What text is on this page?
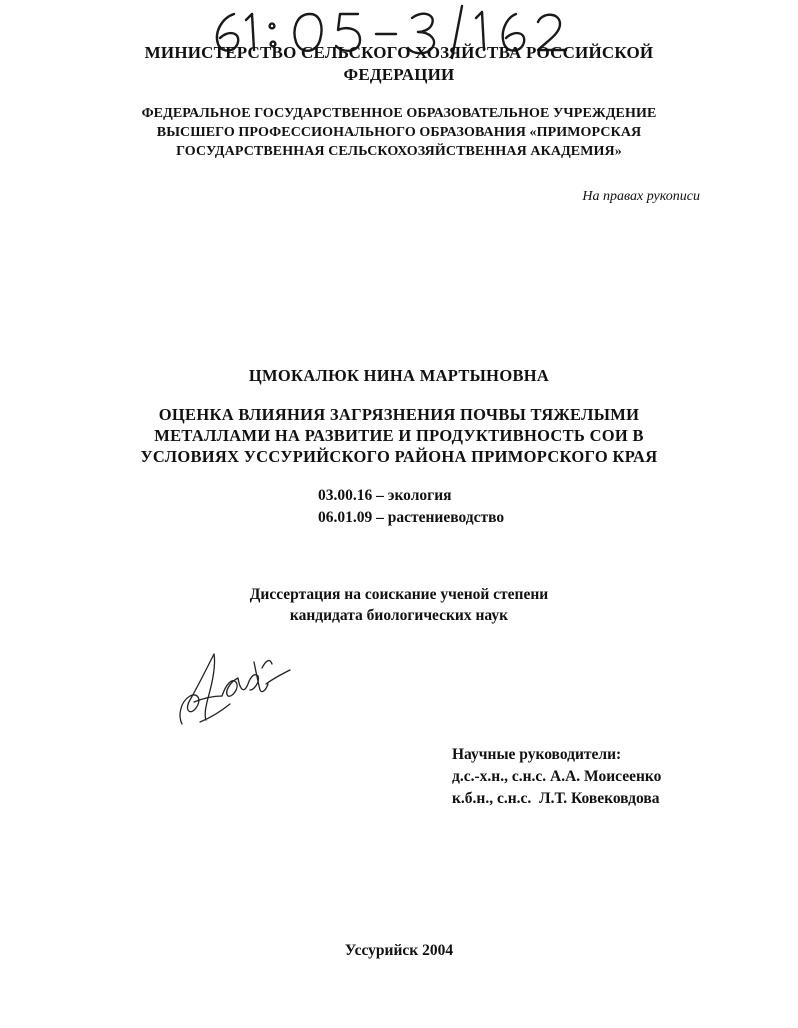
МИНИСТЕРСТВО СЕЛЬСКОГО ХОЗЯЙСТВА РОССИЙСКОЙ
ФЕДЕРАЦИИ
ФЕДЕРАЛЬНОЕ ГОСУДАРСТВЕННОЕ ОБРАЗОВАТЕЛЬНОЕ УЧРЕЖДЕНИЕ
ВЫСШЕГО ПРОФЕССИОНАЛЬНОГО ОБРАЗОВАНИЯ «ПРИМОРСКАЯ
ГОСУДАРСТВЕННАЯ СЕЛЬСКОХОЗЯЙСТВЕННАЯ АКАДЕМИЯ»
На правах рукописи
ЦМОКАЛЮК НИНА МАРТЫНОВНА
ОЦЕНКА ВЛИЯНИЯ ЗАГРЯЗНЕНИЯ ПОЧВЫ ТЯЖЕЛЫМИ
МЕТАЛЛАМИ НА РАЗВИТИЕ И ПРОДУКТИВНОСТЬ СОИ В
УСЛОВИЯХ УССУРИЙСКОГО РАЙОНА ПРИМОРСКОГО КРАЯ
03.00.16 – экология
06.01.09 – растениеводство
Диссертация на соискание ученой степени
кандидата биологических наук
Научные руководители:
д.с.-х.н., с.н.с. А.А. Моисеенко
к.б.н., с.н.с.  Л.Т. Ковековдова
Уссурийск 2004
